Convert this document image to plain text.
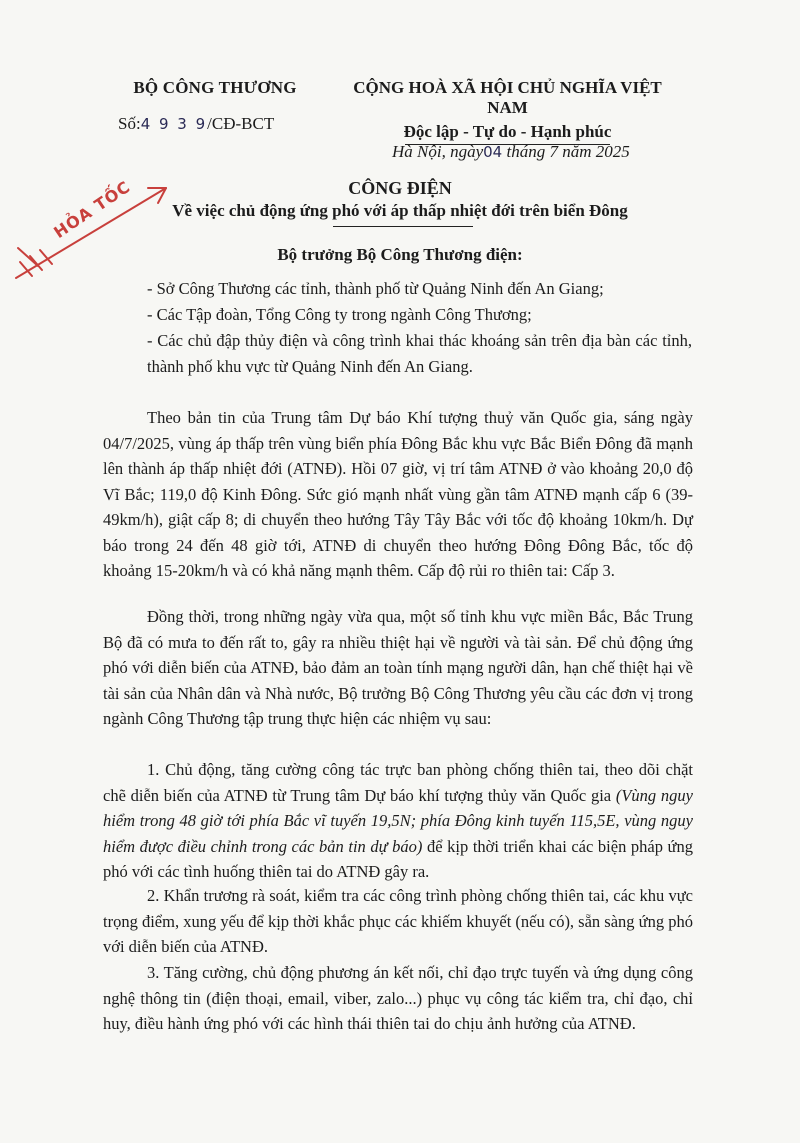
BỘ CÔNG THƯƠNG
Số:4 9 3 9/CĐ-BCT
CỘNG HOÀ XÃ HỘI CHỦ NGHĨA VIỆT NAM
Độc lập - Tự do - Hạnh phúc
Hà Nội, ngày04 tháng 7 năm 2025
HỎA TỐC	CÔNG ĐIỆN
Về việc chủ động ứng phó với áp thấp nhiệt đới trên biển Đông
Bộ trưởng Bộ Công Thương điện:
- Sở Công Thương các tỉnh, thành phố từ Quảng Ninh đến An Giang;
- Các Tập đoàn, Tổng Công ty trong ngành Công Thương;
- Các chủ đập thủy điện và công trình khai thác khoáng sản trên địa bàn các tỉnh, thành phố khu vực từ Quảng Ninh đến An Giang.

Theo bản tin của Trung tâm Dự báo Khí tượng thuỷ văn Quốc gia, sáng ngày 04/7/2025, vùng áp thấp trên vùng biển phía Đông Bắc khu vực Bắc Biển Đông đã mạnh lên thành áp thấp nhiệt đới (ATNĐ). Hồi 07 giờ, vị trí tâm ATNĐ ở vào khoảng 20,0 độ Vĩ Bắc; 119,0 độ Kinh Đông. Sức gió mạnh nhất vùng gần tâm ATNĐ mạnh cấp 6 (39- 49km/h), giật cấp 8; di chuyển theo hướng Tây Tây Bắc với tốc độ khoảng 10km/h. Dự báo trong 24 đến 48 giờ tới, ATNĐ di chuyển theo hướng Đông Đông Bắc, tốc độ khoảng 15-20km/h và có khả năng mạnh thêm. Cấp độ rủi ro thiên tai: Cấp 3.

Đồng thời, trong những ngày vừa qua, một số tỉnh khu vực miền Bắc, Bắc Trung Bộ đã có mưa to đến rất to, gây ra nhiều thiệt hại về người và tài sản. Để chủ động ứng phó với diễn biến của ATNĐ, bảo đảm an toàn tính mạng người dân, hạn chế thiệt hại về tài sản của Nhân dân và Nhà nước, Bộ trưởng Bộ Công Thương yêu cầu các đơn vị trong ngành Công Thương tập trung thực hiện các nhiệm vụ sau:

1. Chủ động, tăng cường công tác trực ban phòng chống thiên tai, theo dõi chặt chẽ diễn biến của ATNĐ từ Trung tâm Dự báo khí tượng thủy văn Quốc gia (Vùng nguy hiểm trong 48 giờ tới phía Bắc vĩ tuyến 19,5N; phía Đông kinh tuyến 115,5E, vùng nguy hiểm được điều chỉnh trong các bản tin dự báo) để kịp thời triển khai các biện pháp ứng phó với các tình huống thiên tai do ATNĐ gây ra.

2. Khẩn trương rà soát, kiểm tra các công trình phòng chống thiên tai, các khu vực trọng điểm, xung yếu để kịp thời khắc phục các khiếm khuyết (nếu có), sẵn sàng ứng phó với diễn biến của ATNĐ.

3. Tăng cường, chủ động phương án kết nối, chỉ đạo trực tuyến và ứng dụng công nghệ thông tin (điện thoại, email, viber, zalo...) phục vụ công tác kiểm tra, chỉ đạo, chỉ huy, điều hành ứng phó với các hình thái thiên tai do chịu ảnh hưởng của ATNĐ.
